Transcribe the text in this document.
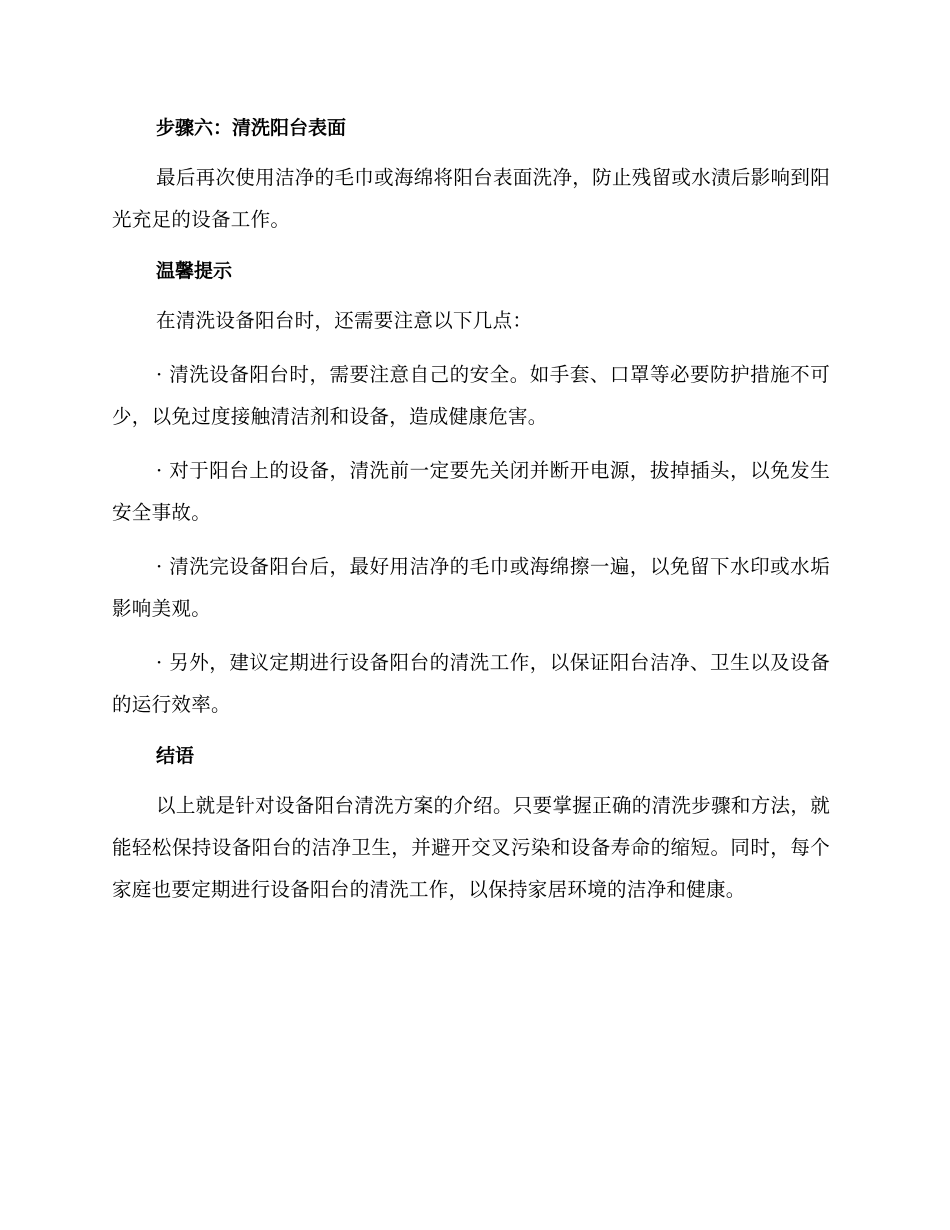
步骤六：清洗阳台表面
最后再次使用洁净的毛巾或海绵将阳台表面洗净，防止残留或水渍后影响到阳光充足的设备工作。
温馨提示
在清洗设备阳台时，还需要注意以下几点：
· 清洗设备阳台时，需要注意自己的安全。如手套、口罩等必要防护措施不可少，以免过度接触清洁剂和设备，造成健康危害。
· 对于阳台上的设备，清洗前一定要先关闭并断开电源，拔掉插头，以免发生安全事故。
· 清洗完设备阳台后，最好用洁净的毛巾或海绵擦一遍，以免留下水印或水垢影响美观。
· 另外，建议定期进行设备阳台的清洗工作，以保证阳台洁净、卫生以及设备的运行效率。
结语
以上就是针对设备阳台清洗方案的介绍。只要掌握正确的清洗步骤和方法，就能轻松保持设备阳台的洁净卫生，并避开交叉污染和设备寿命的缩短。同时，每个家庭也要定期进行设备阳台的清洗工作，以保持家居环境的洁净和健康。
